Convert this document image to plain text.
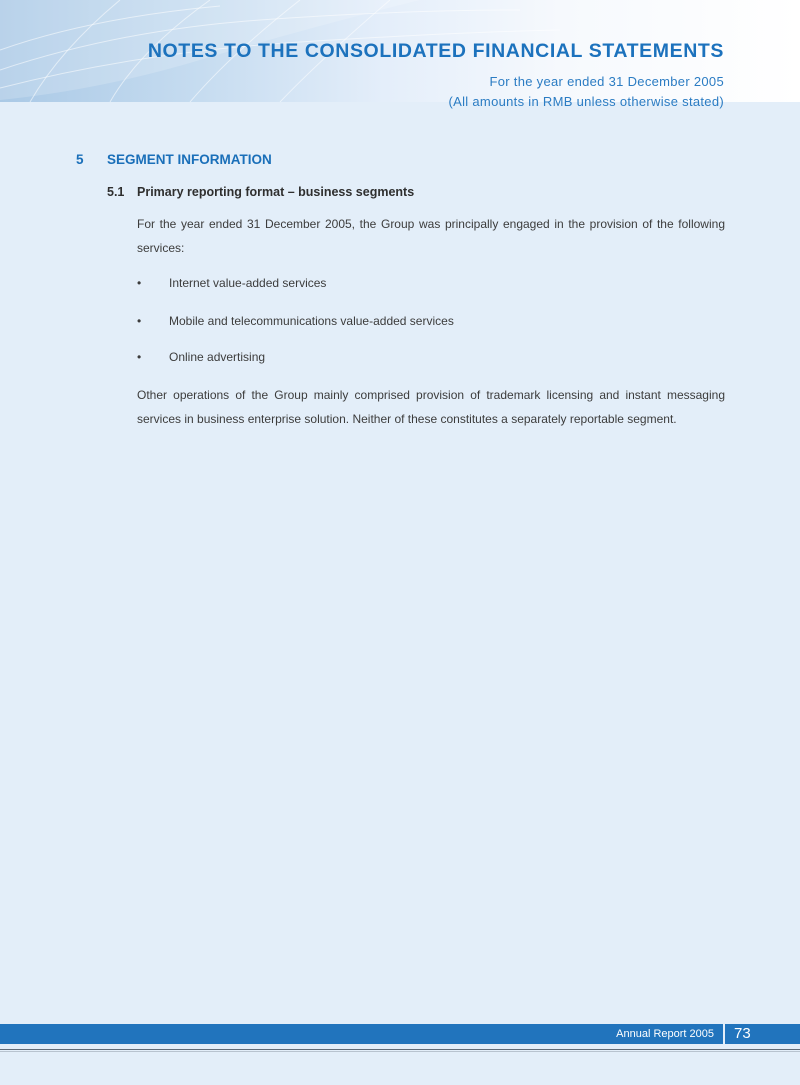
NOTES TO THE CONSOLIDATED FINANCIAL STATEMENTS
For the year ended 31 December 2005
(All amounts in RMB unless otherwise stated)
5 SEGMENT INFORMATION
5.1 Primary reporting format – business segments

For the year ended 31 December 2005, the Group was principally engaged in the provision of the following services:

• Internet value-added services
• Mobile and telecommunications value-added services
• Online advertising

Other operations of the Group mainly comprised provision of trademark licensing and instant messaging services in business enterprise solution. Neither of these constitutes a separately reportable segment.

Annual Report 2005 73
